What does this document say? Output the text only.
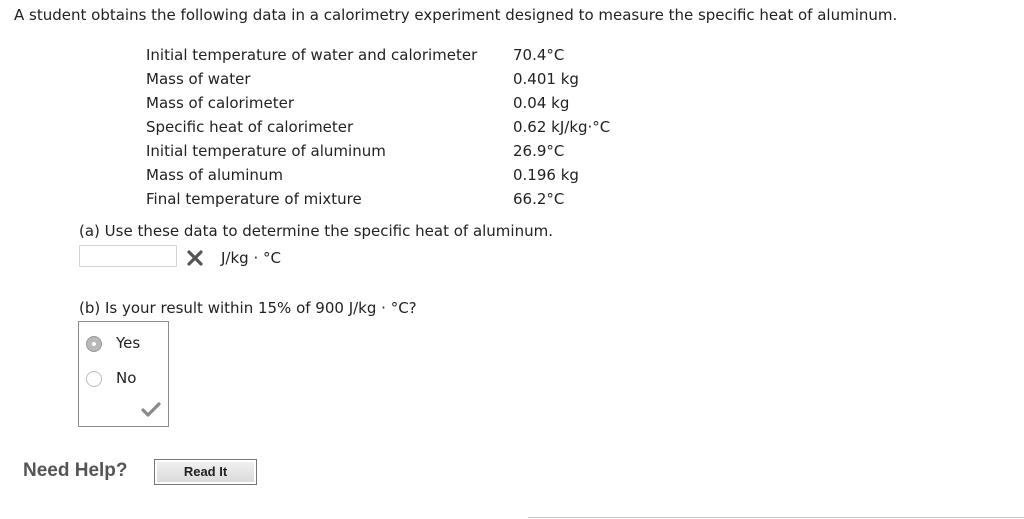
A student obtains the following data in a calorimetry experiment designed to measure the specific heat of aluminum.
Initial temperature of water and calorimeter 70.4°C
Mass of water	0.401 kg
Mass of calorimeter	0.04 kg
Specific heat of calorimeter	0.62 kJ/kg·°C
Initial temperature of aluminum	26.9°C
Mass of aluminum	0.196 kg
Final temperature of mixture	66.2°C
(a) Use these data to determine the specific heat of aluminum.
J/kg · °C
(b) Is your result within 15% of 900 J/kg · °C?
Yes
No
Need Help?	Read It
